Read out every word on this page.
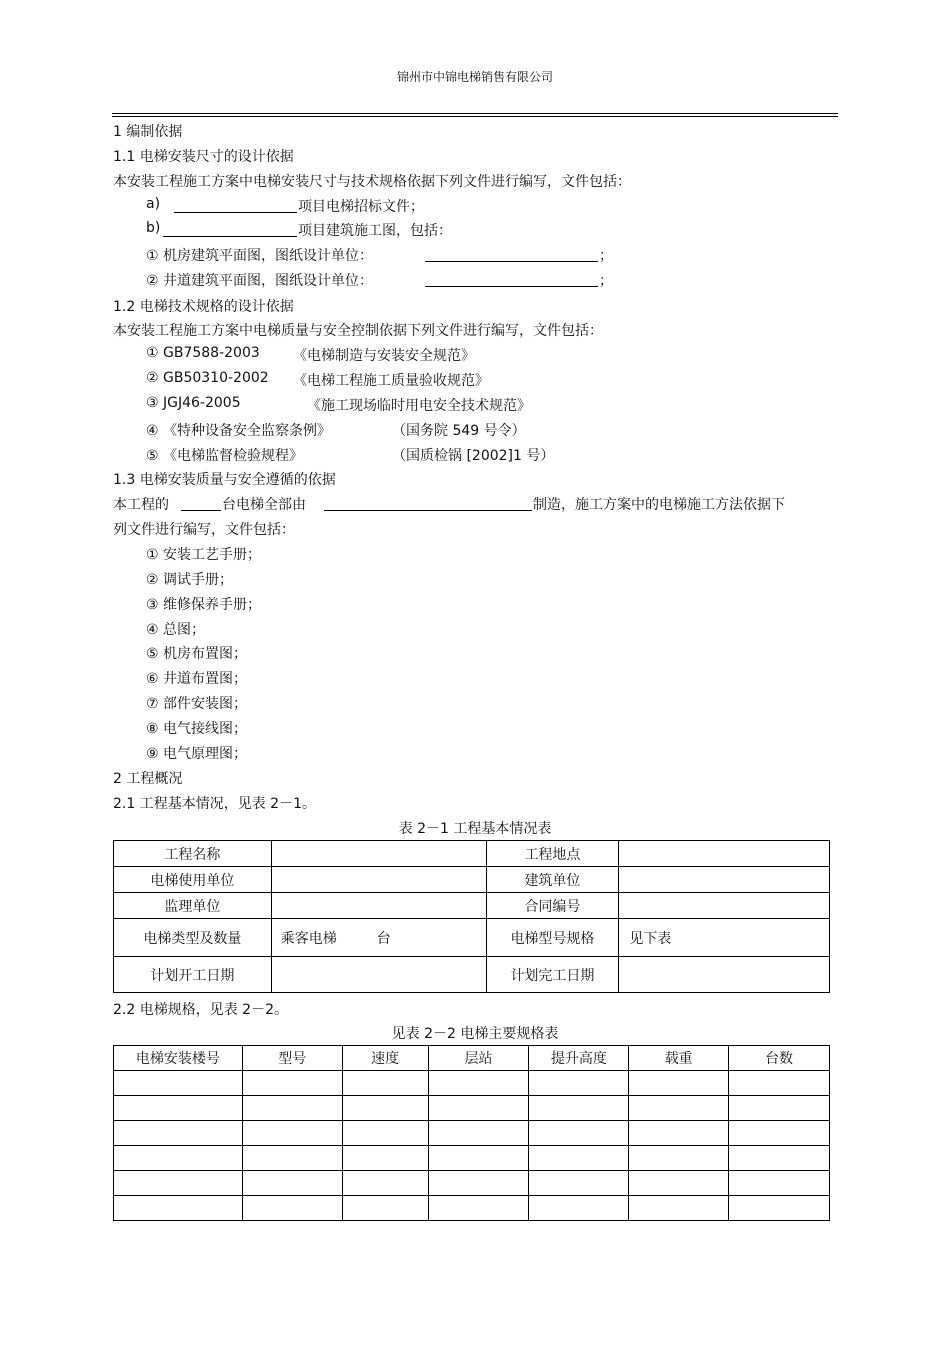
锦州市中锦电梯销售有限公司
1 编制依据
1.1 电梯安装尺寸的设计依据
本安装工程施工方案中电梯安装尺寸与技术规格依据下列文件进行编写，文件包括：
a)	项目电梯招标文件；
b)	项目建筑施工图，包括：
① 机房建筑平面图，图纸设计单位：	；
② 井道建筑平面图，图纸设计单位：	；
1.2 电梯技术规格的设计依据
本安装工程施工方案中电梯质量与安全控制依据下列文件进行编写，文件包括：
① GB7588-2003 《电梯制造与安装安全规范》
② GB50310-2002 《电梯工程施工质量验收规范》
③ JGJ46-2005	《施工现场临时用电安全技术规范》
④ 《特种设备安全监察条例》	（国务院 549 号令）
⑤ 《电梯监督检验规程》	（国质检锅 [2002]1 号）
1.3 电梯安装质量与安全遵循的依据
本工程的	台电梯全部由	制造，施工方案中的电梯施工方法依据下
列文件进行编写，文件包括：
① 安装工艺手册；
② 调试手册；
③ 维修保养手册；
④ 总图；
⑤ 机房布置图；
⑥ 井道布置图；
⑦ 部件安装图；
⑧ 电气接线图；
⑨ 电气原理图；
2 工程概况
2.1 工程基本情况，见表 2－1。
表 2－1 工程基本情况表
工程名称		工程地点	
电梯使用单位		建筑单位	
监理单位		合同编号	
电梯类型及数量	乘客电梯         台	电梯型号规格	见下表
计划开工日期		计划完工日期	
2.2 电梯规格，见表 2－2。
见表 2－2 电梯主要规格表
电梯安装楼号	型号	速度	层站	提升高度	载重	台数
